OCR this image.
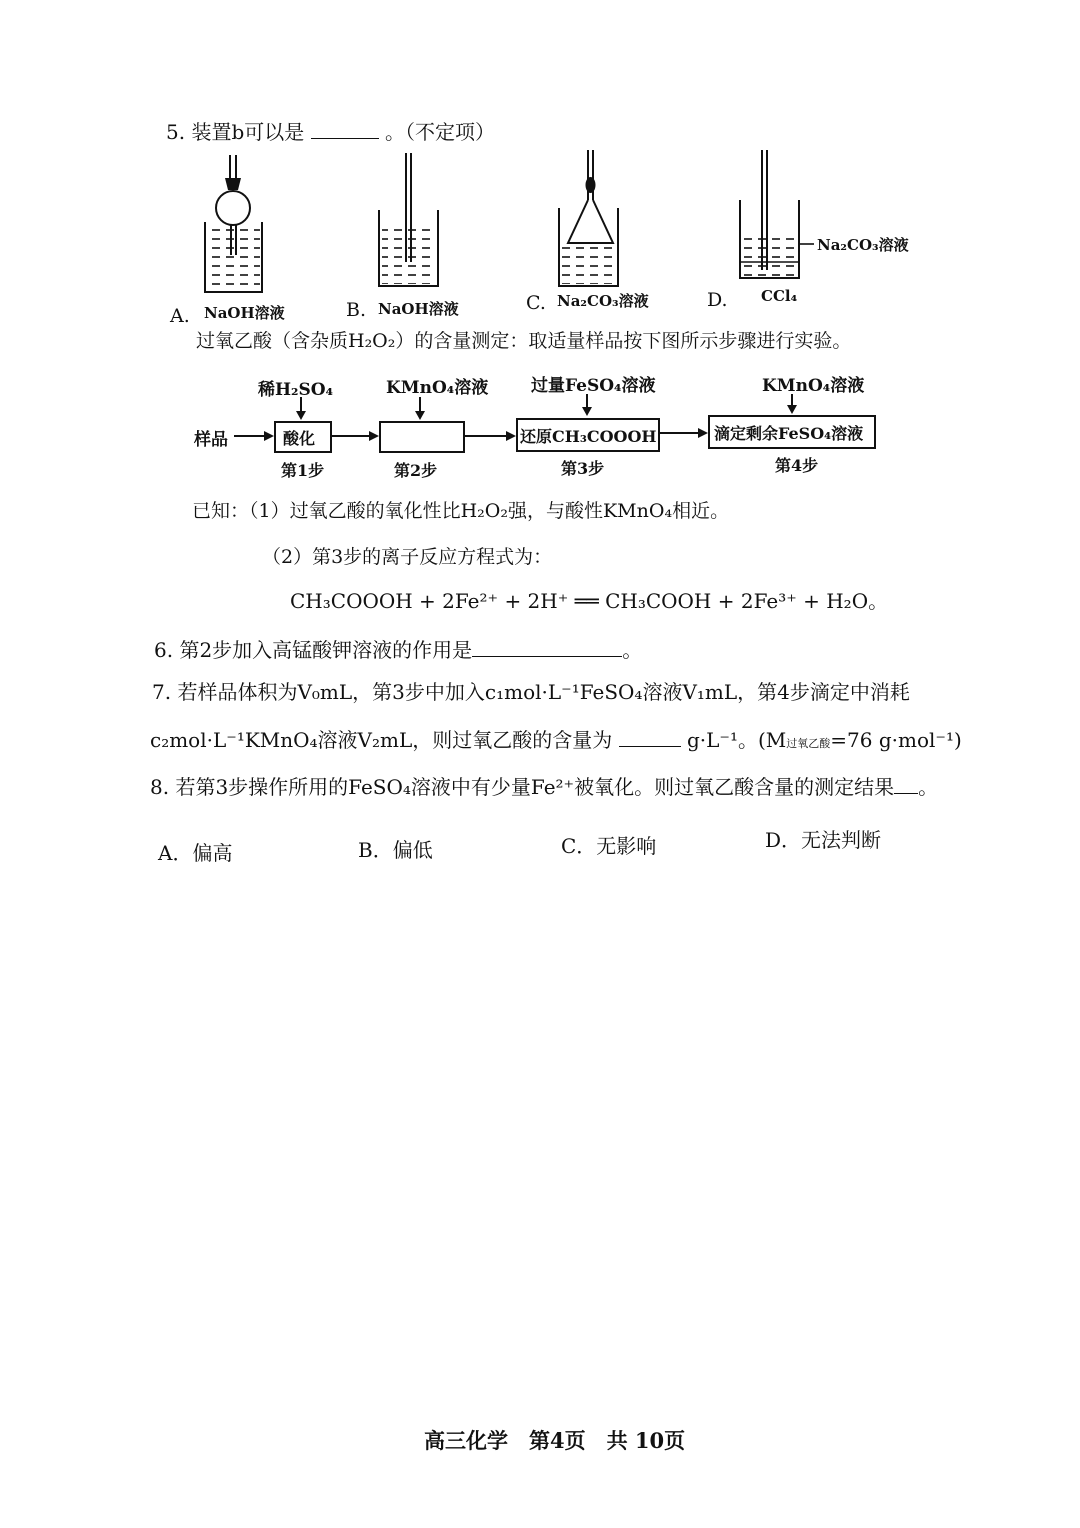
5. 装置b可以是	。（不定项）
A. NaOH溶液	B. NaOH溶液	C. Na₂CO₃溶液	D. CCl₄
Na₂CO₃溶液
过氧乙酸（含杂质H₂O₂）的含量测定：取适量样品按下图所示步骤进行实验。
稀H₂SO₄	KMnO₄溶液	过量FeSO₄溶液	KMnO₄溶液
样品	酸化	还原CH₃COOOH	滴定剩余FeSO₄溶液
第1步	第2步	第3步	第4步
已知：（1）过氧乙酸的氧化性比H₂O₂强，与酸性KMnO₄相近。
（2）第3步的离子反应方程式为：
CH₃COOOH + 2Fe²⁺ + 2H⁺ ══ CH₃COOH + 2Fe³⁺ + H₂O。
6. 第2步加入高锰酸钾溶液的作用是	。
7. 若样品体积为V₀mL，第3步中加入c₁mol·L⁻¹FeSO₄溶液V₁mL，第4步滴定中消耗
c₂mol·L⁻¹KMnO₄溶液V₂mL，则过氧乙酸的含量为	g·L⁻¹。(M过氧乙酸=76 g·mol⁻¹)
8. 若第3步操作所用的FeSO₄溶液中有少量Fe²⁺被氧化。则过氧乙酸含量的测定结果 。
A．偏高	B．偏低	C．无影响	D．无法判断
高三化学　第4页　共 10页
